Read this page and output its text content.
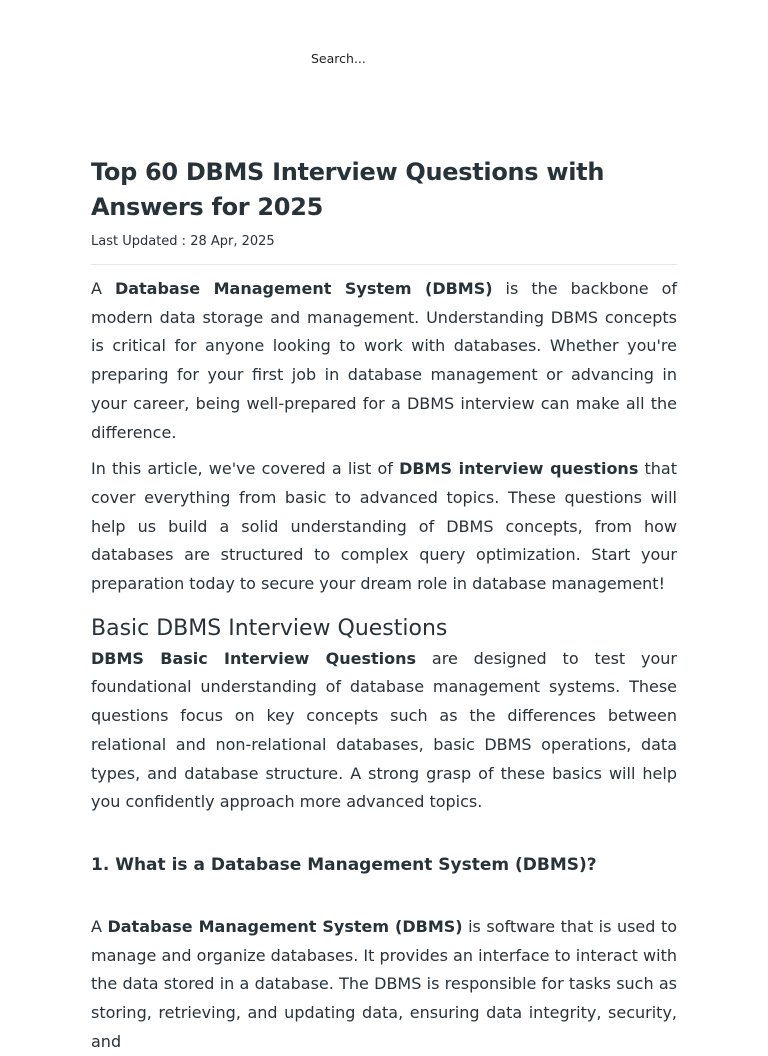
Search...
Top 60 DBMS Interview Questions with Answers for 2025
Last Updated : 28 Apr, 2025

A Database Management System (DBMS) is the backbone of modern data storage and management. Understanding DBMS concepts is critical for anyone looking to work with databases. Whether you're preparing for your first job in database management or advancing in your career, being well-prepared for a DBMS interview can make all the difference.

In this article, we've covered a list of DBMS interview questions that cover everything from basic to advanced topics. These questions will help us build a solid understanding of DBMS concepts, from how databases are structured to complex query optimization. Start your preparation today to secure your dream role in database management!

Basic DBMS Interview Questions

DBMS Basic Interview Questions are designed to test your foundational understanding of database management systems. These questions focus on key concepts such as the differences between relational and non-relational databases, basic DBMS operations, data types, and database structure. A strong grasp of these basics will help you confidently approach more advanced topics.

1. What is a Database Management System (DBMS)?

A Database Management System (DBMS) is software that is used to manage and organize databases. It provides an interface to interact with the data stored in a database. The DBMS is responsible for tasks such as storing, retrieving, and updating data, ensuring data integrity, security, and
